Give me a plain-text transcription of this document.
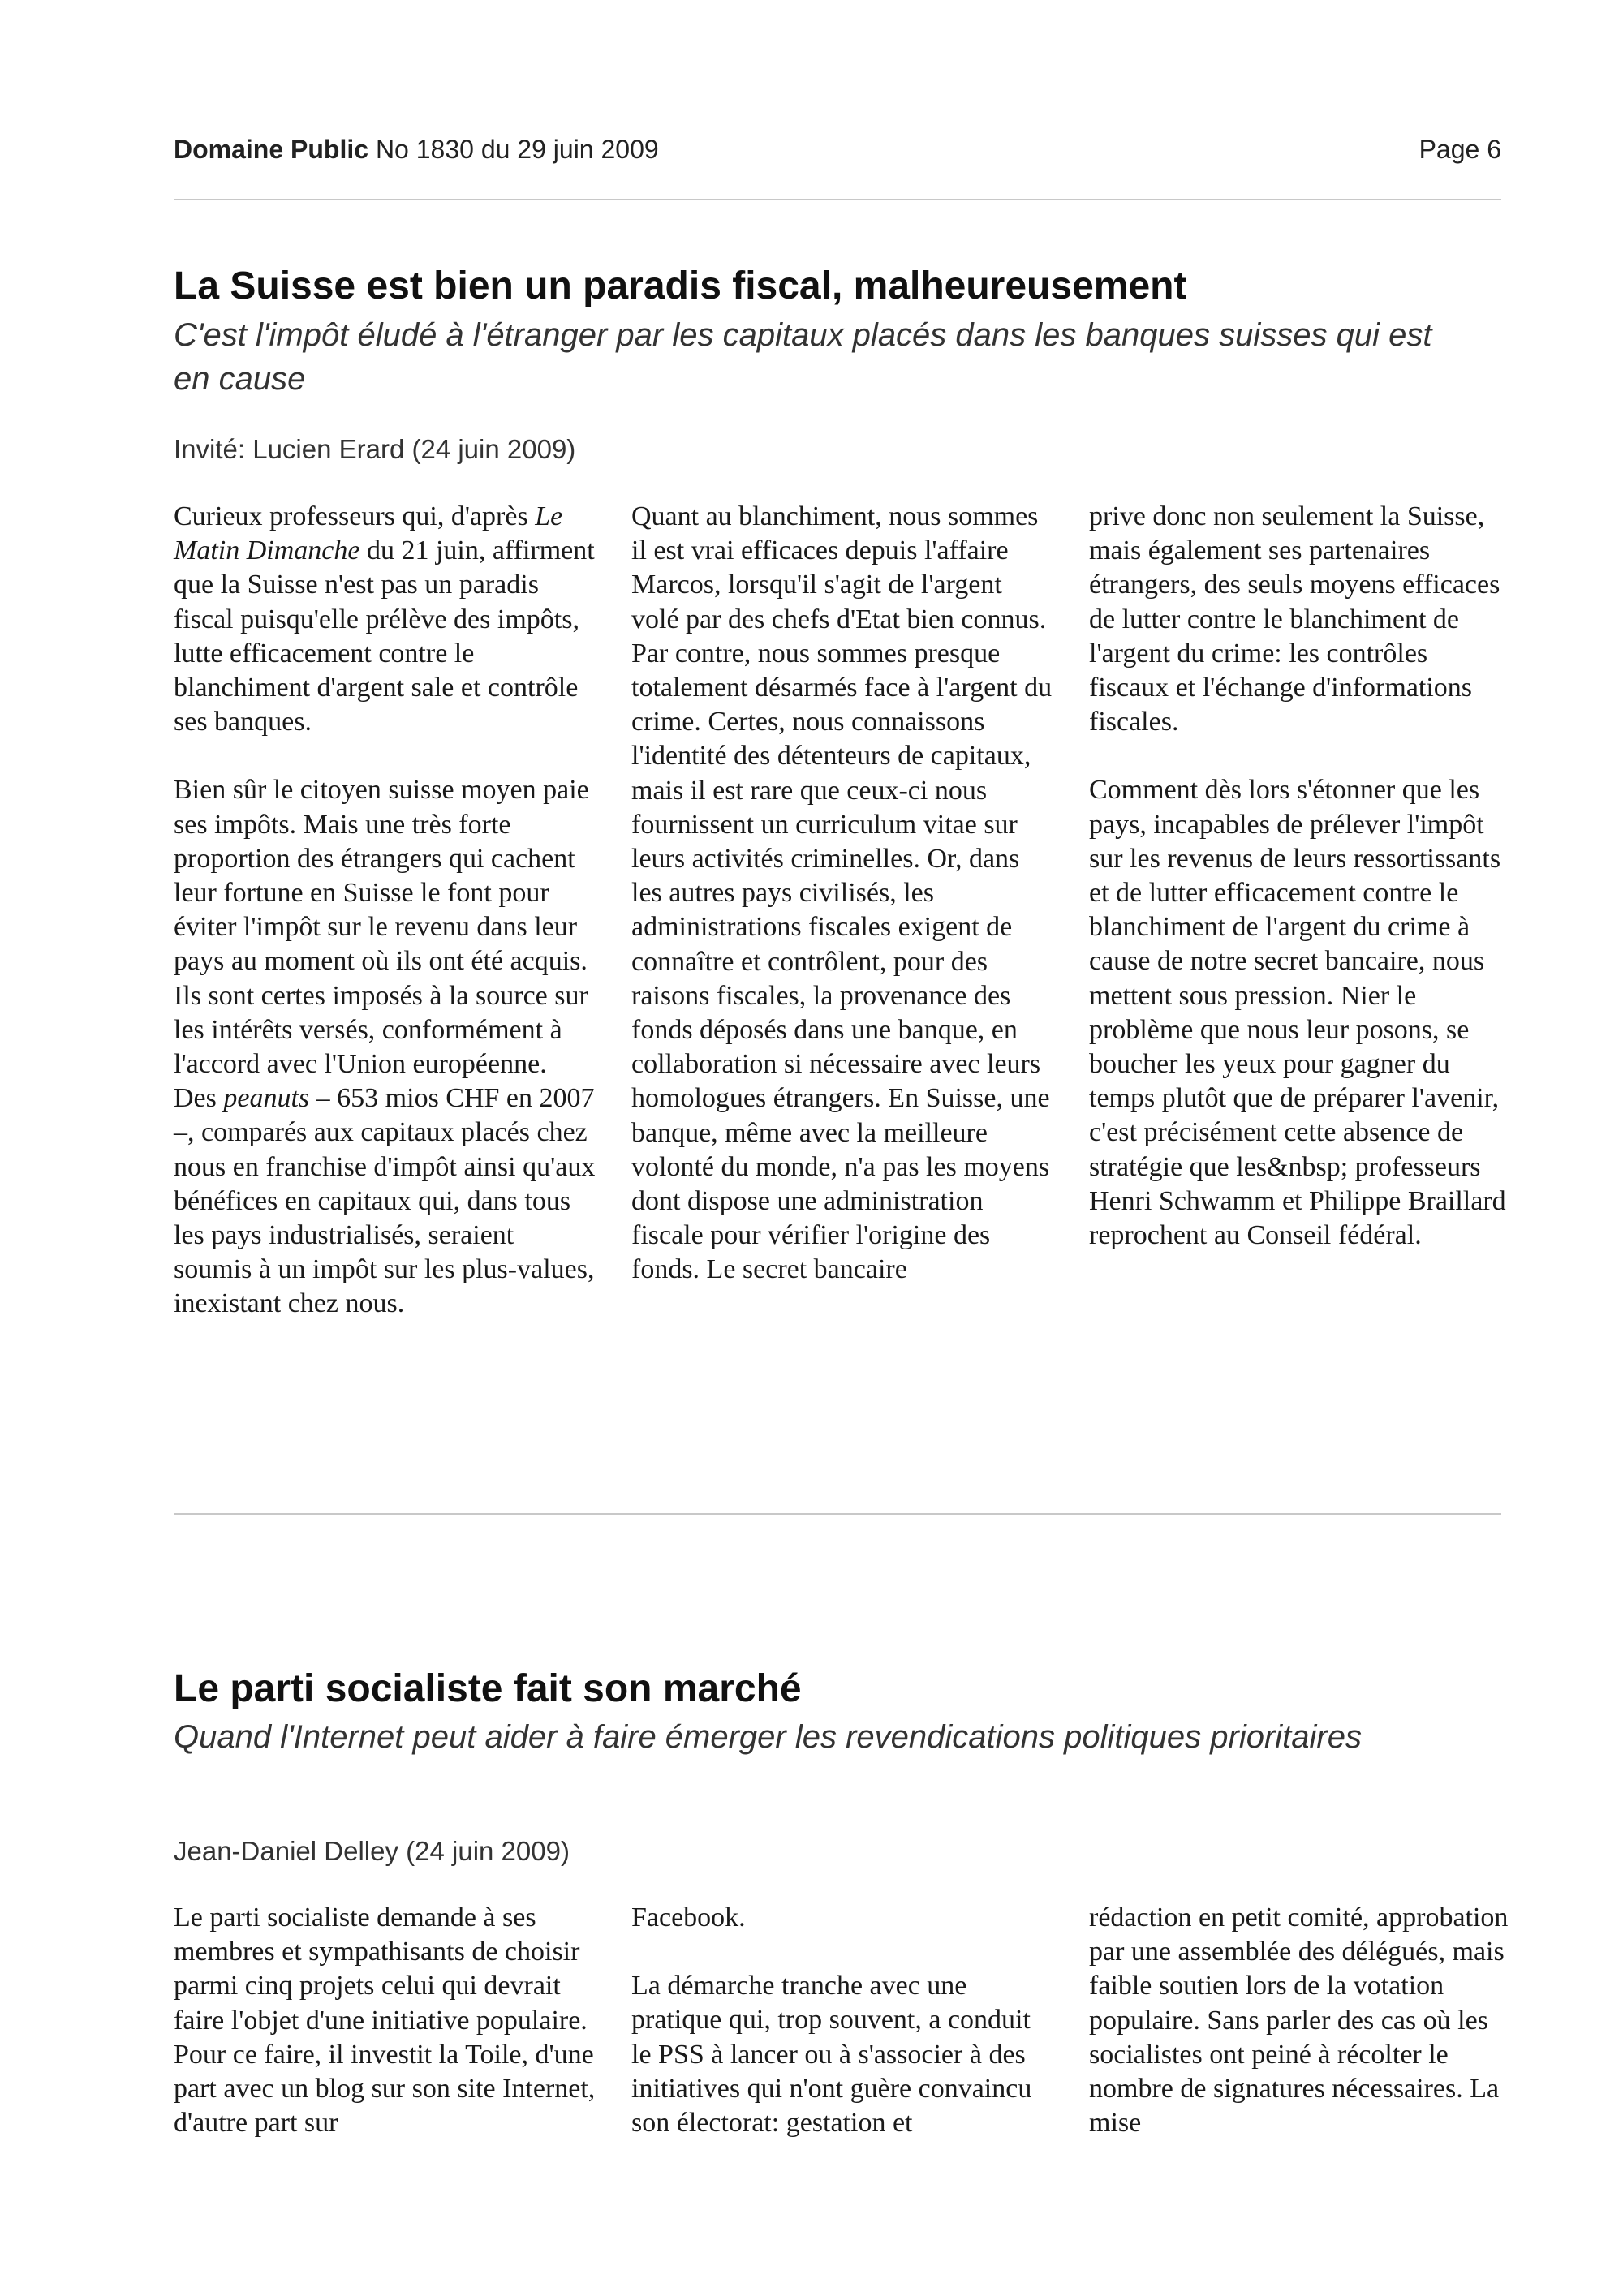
Domaine Public No 1830 du 29 juin 2009	Page 6
La Suisse est bien un paradis fiscal, malheureusement
C'est l'impôt éludé à l'étranger par les capitaux placés dans les banques suisses qui est en cause
Invité: Lucien Erard (24 juin 2009)

Curieux professeurs qui, d'après Le Matin Dimanche du 21 juin, affirment que la Suisse n'est pas un paradis fiscal puisqu'elle prélève des impôts, lutte efficacement contre le blanchiment d'argent sale et contrôle ses banques.

Bien sûr le citoyen suisse moyen paie ses impôts. Mais une très forte proportion des étrangers qui cachent leur fortune en Suisse le font pour éviter l'impôt sur le revenu dans leur pays au moment où ils ont été acquis. Ils sont certes imposés à la source sur les intérêts versés, conformément à l'accord avec l'Union européenne. Des peanuts – 653 mios CHF en 2007 –, comparés aux capitaux placés chez nous en franchise d'impôt ainsi qu'aux bénéfices en capitaux qui, dans tous les pays industrialisés, seraient soumis à un impôt sur les plus-values, inexistant chez nous.

Quant au blanchiment, nous sommes il est vrai efficaces depuis l'affaire Marcos, lorsqu'il s'agit de l'argent volé par des chefs d'Etat bien connus. Par contre, nous sommes presque totalement désarmés face à l'argent du crime. Certes, nous connaissons l'identité des détenteurs de capitaux, mais il est rare que ceux-ci nous fournissent un curriculum vitae sur leurs activités criminelles. Or, dans les autres pays civilisés, les administrations fiscales exigent de connaître et contrôlent, pour des raisons fiscales, la provenance des fonds déposés dans une banque, en collaboration si nécessaire avec leurs homologues étrangers. En Suisse, une banque, même avec la meilleure volonté du monde, n'a pas les moyens dont dispose une administration fiscale pour vérifier l'origine des fonds. Le secret bancaire

prive donc non seulement la Suisse, mais également ses partenaires étrangers, des seuls moyens efficaces de lutter contre le blanchiment de l'argent du crime: les contrôles fiscaux et l'échange d'informations fiscales.

Comment dès lors s'étonner que les pays, incapables de prélever l'impôt sur les revenus de leurs ressortissants et de lutter efficacement contre le blanchiment de l'argent du crime à cause de notre secret bancaire, nous mettent sous pression. Nier le problème que nous leur posons, se boucher les yeux pour gagner du temps plutôt que de préparer l'avenir, c'est précisément cette absence de stratégie que les&nbsp; professeurs Henri Schwamm et Philippe Braillard reprochent au Conseil fédéral.

Le parti socialiste fait son marché
Quand l'Internet peut aider à faire émerger les revendications politiques prioritaires
Jean-Daniel Delley (24 juin 2009)

Le parti socialiste demande à ses membres et sympathisants de choisir parmi cinq projets celui qui devrait faire l'objet d'une initiative populaire. Pour ce faire, il investit la Toile, d'une part avec un blog sur son site Internet, d'autre part sur

Facebook.

La démarche tranche avec une pratique qui, trop souvent, a conduit le PSS à lancer ou à s'associer à des initiatives qui n'ont guère convaincu son électorat: gestation et

rédaction en petit comité, approbation par une assemblée des délégués, mais faible soutien lors de la votation populaire. Sans parler des cas où les socialistes ont peiné à récolter le nombre de signatures nécessaires. La mise
